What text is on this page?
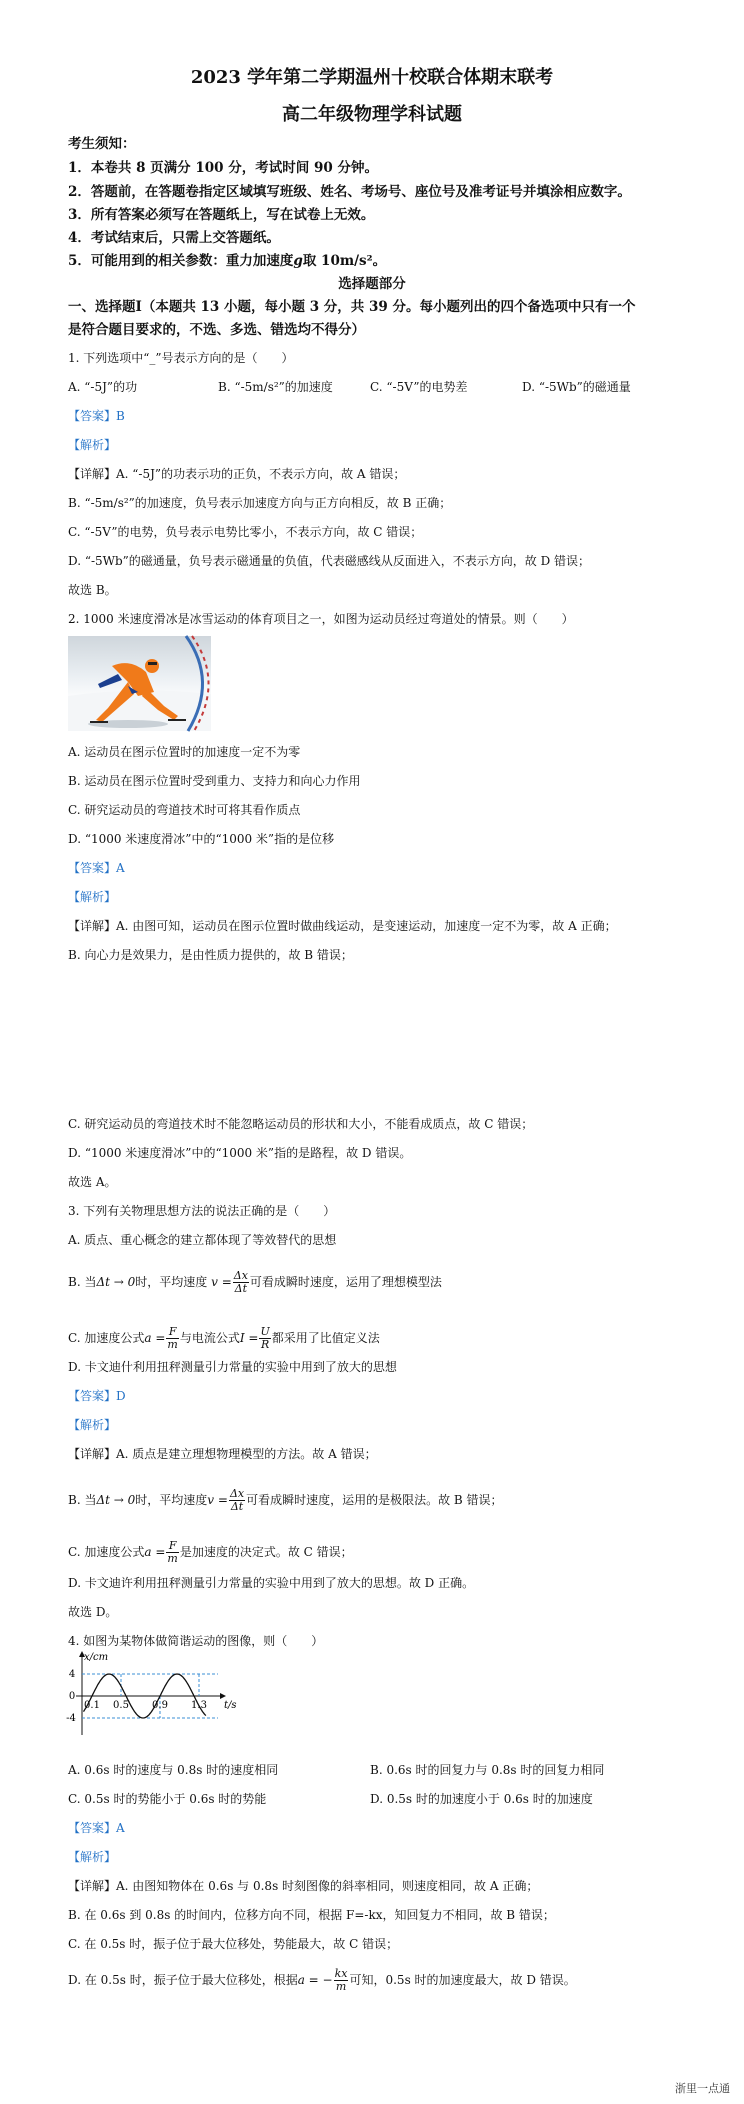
2023 学年第二学期温州十校联合体期末联考
高二年级物理学科试题
考生须知：
1．本卷共 8 页满分 100 分，考试时间 90 分钟。
2．答题前，在答题卷指定区域填写班级、姓名、考场号、座位号及准考证号并填涂相应数字。
3．所有答案必须写在答题纸上，写在试卷上无效。
4．考试结束后，只需上交答题纸。
5．可能用到的相关参数：重力加速度g取 10m/s²。
选择题部分
一、选择题Ⅰ（本题共 13 小题，每小题 3 分，共 39 分。每小题列出的四个备选项中只有一个
是符合题目要求的，不选、多选、错选均不得分）
1. 下列选项中“_”号表示方向的是（　　）
A. “-5J”的功	B. “-5m/s²”的加速度	C. “-5V”的电势差	D. “-5Wb”的磁通量
【答案】B
【解析】
【详解】A. “-5J”的功表示功的正负，不表示方向，故 A 错误；
B. “-5m/s²”的加速度，负号表示加速度方向与正方向相反，故 B 正确；
C. “-5V”的电势，负号表示电势比零小，不表示方向，故 C 错误；
D. “-5Wb”的磁通量，负号表示磁通量的负值，代表磁感线从反面进入，不表示方向，故 D 错误；
故选 B。
2. 1000 米速度滑冰是冰雪运动的体育项目之一，如图为运动员经过弯道处的情景。则（　　）
A. 运动员在图示位置时的加速度一定不为零
B. 运动员在图示位置时受到重力、支持力和向心力作用
C. 研究运动员的弯道技术时可将其看作质点
D. “1000 米速度滑冰”中的“1000 米”指的是位移
【答案】A
【解析】
【详解】A. 由图可知，运动员在图示位置时做曲线运动，是变速运动，加速度一定不为零，故 A 正确；
B. 向心力是效果力，是由性质力提供的，故 B 错误；
C. 研究运动员的弯道技术时不能忽略运动员的形状和大小，不能看成质点，故 C 错误；
D. “1000 米速度滑冰”中的“1000 米”指的是路程，故 D 错误。
故选 A。
3. 下列有关物理思想方法的说法正确的是（　　）
A. 质点、重心概念的建立都体现了等效替代的思想
B. 当Δt → 0时，平均速度 $v = \frac{\Delta x}{\Delta t}$ 可看成瞬时速度，运用了理想模型法
C. 加速度公式$a = \frac{F}{m}$ 与电流公式$I = \frac{U}{R}$ 都采用了比值定义法
D. 卡文迪什利用扭秤测量引力常量的实验中用到了放大的思想
【答案】D
【解析】
【详解】A. 质点是建立理想物理模型的方法。故 A 错误；
B. 当Δt → 0时，平均速度$v = \frac{\Delta x}{\Delta t}$ 可看成瞬时速度，运用的是极限法。故 B 错误；
C. 加速度公式$a = \frac{F}{m}$ 是加速度的决定式。故 C 错误；
D. 卡文迪许利用扭秤测量引力常量的实验中用到了放大的思想。故 D 正确。
故选 D。
4. 如图为某物体做简谐运动的图像，则（　　）
x/cm
t/s
4
0
-4
0.1 0.5 0.9 1.3
A. 0.6s 时的速度与 0.8s 时的速度相同	B. 0.6s 时的回复力与 0.8s 时的回复力相同
C. 0.5s 时的势能小于 0.6s 时的势能	D. 0.5s 时的加速度小于 0.6s 时的加速度
【答案】A
【解析】
【详解】A. 由图知物体在 0.6s 与 0.8s 时刻图像的斜率相同，则速度相同，故 A 正确；
B. 在 0.6s 到 0.8s 的时间内，位移方向不同，根据 F=-kx，知回复力不相同，故 B 错误；
C. 在 0.5s 时，振子位于最大位移处，势能最大，故 C 错误；
D. 在 0.5s 时，振子位于最大位移处，根据a = − $\frac{kx}{m}$ 可知，0.5s 时的加速度最大，故 D 错误。
浙里一点通
